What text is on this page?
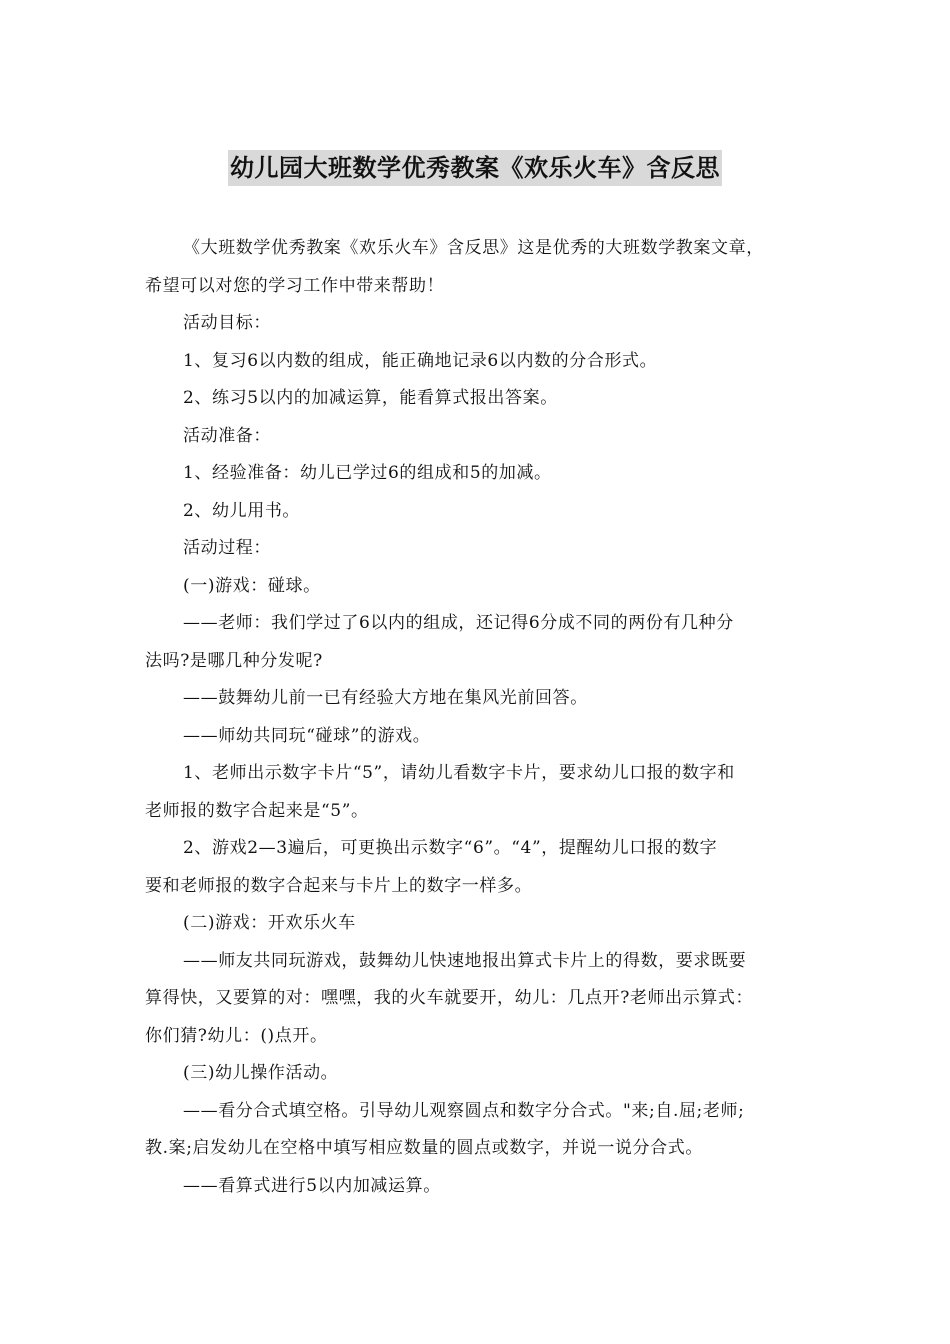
幼儿园大班数学优秀教案《欢乐火车》含反思
《大班数学优秀教案《欢乐火车》含反思》这是优秀的大班数学教案文章，
希望可以对您的学习工作中带来帮助！
活动目标：
1、复习6以内数的组成，能正确地记录6以内数的分合形式。
2、练习5以内的加减运算，能看算式报出答案。
活动准备：
1、经验准备：幼儿已学过6的组成和5的加减。
2、幼儿用书。
活动过程：
(一)游戏：碰球。
——老师：我们学过了6以内的组成，还记得6分成不同的两份有几种分
法吗?是哪几种分发呢?
——鼓舞幼儿前一已有经验大方地在集风光前回答。
——师幼共同玩“碰球”的游戏。
1、老师出示数字卡片“5”，请幼儿看数字卡片，要求幼儿口报的数字和
老师报的数字合起来是“5”。
2、游戏2—3遍后，可更换出示数字“6”。“4”，提醒幼儿口报的数字
要和老师报的数字合起来与卡片上的数字一样多。
(二)游戏：开欢乐火车
——师友共同玩游戏，鼓舞幼儿快速地报出算式卡片上的得数，要求既要
算得快，又要算的对：嘿嘿，我的火车就要开，幼儿：几点开?老师出示算式：
你们猜?幼儿：()点开。
(三)幼儿操作活动。
——看分合式填空格。引导幼儿观察圆点和数字分合式。"来;自.屈;老师;
教.案;启发幼儿在空格中填写相应数量的圆点或数字，并说一说分合式。
——看算式进行5以内加减运算。
